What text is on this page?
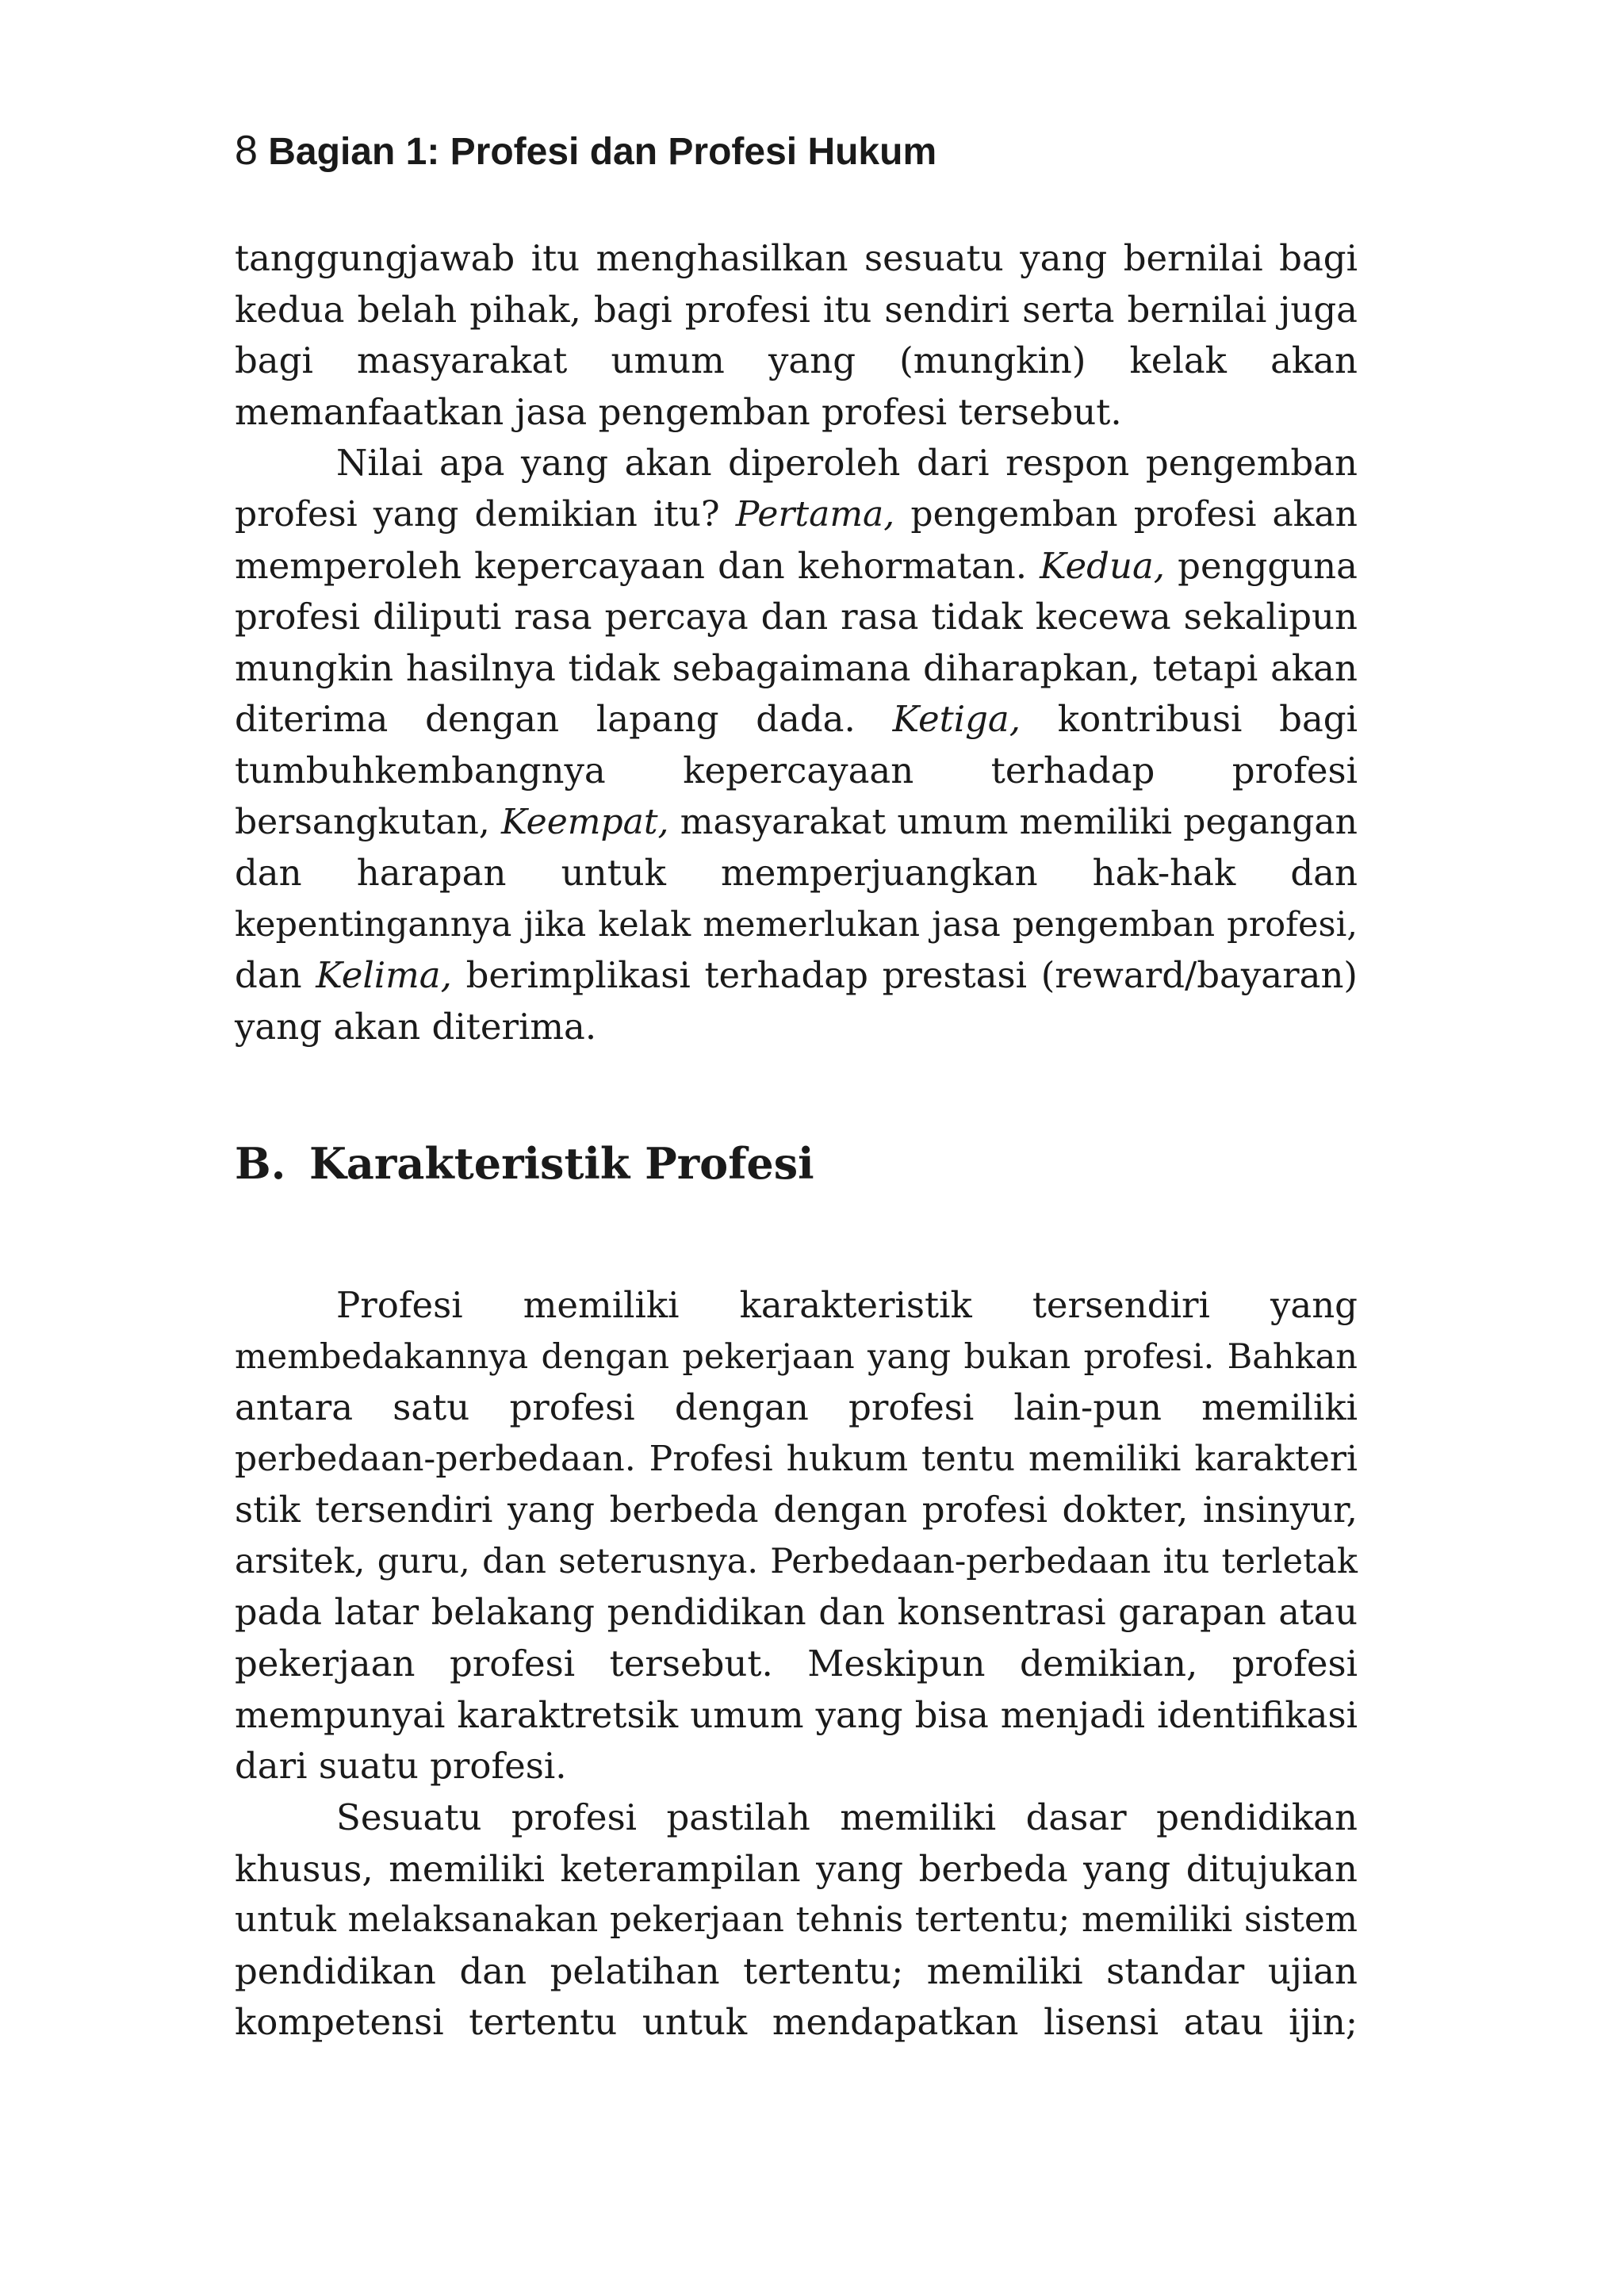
8 Bagian 1: Profesi dan Profesi Hukum

tanggungjawab itu menghasilkan sesuatu yang bernilai bagi
kedua belah pihak, bagi profesi itu sendiri serta bernilai juga
bagi masyarakat umum yang (mungkin) kelak akan
memanfaatkan jasa pengemban profesi tersebut.

Nilai apa yang akan diperoleh dari respon pengemban
profesi yang demikian itu? Pertama, pengemban profesi akan
memperoleh kepercayaan dan kehormatan. Kedua, pengguna
profesi diliputi rasa percaya dan rasa tidak kecewa sekalipun
mungkin hasilnya tidak sebagaimana diharapkan, tetapi akan
diterima dengan lapang dada. Ketiga, kontribusi bagi
tumbuhkembangnya kepercayaan terhadap profesi
bersangkutan, Keempat, masyarakat umum memiliki pegangan
dan harapan untuk memperjuangkan hak-hak dan
kepentingannya jika kelak memerlukan jasa pengemban profesi,
dan Kelima, berimplikasi terhadap prestasi (reward/bayaran)
yang akan diterima.

B. Karakteristik Profesi

Profesi memiliki karakteristik tersendiri yang
membedakannya dengan pekerjaan yang bukan profesi. Bahkan
antara satu profesi dengan profesi lain-pun memiliki
perbedaan-perbedaan. Profesi hukum tentu memiliki karakteri
stik tersendiri yang berbeda dengan profesi dokter, insinyur,
arsitek, guru, dan seterusnya. Perbedaan-perbedaan itu terletak
pada latar belakang pendidikan dan konsentrasi garapan atau
pekerjaan profesi tersebut. Meskipun demikian, profesi
mempunyai karaktretsik umum yang bisa menjadi identifikasi
dari suatu profesi.

Sesuatu profesi pastilah memiliki dasar pendidikan
khusus, memiliki keterampilan yang berbeda yang ditujukan
untuk melaksanakan pekerjaan tehnis tertentu; memiliki sistem
pendidikan dan pelatihan tertentu; memiliki standar ujian
kompetensi tertentu untuk mendapatkan lisensi atau ijin;
